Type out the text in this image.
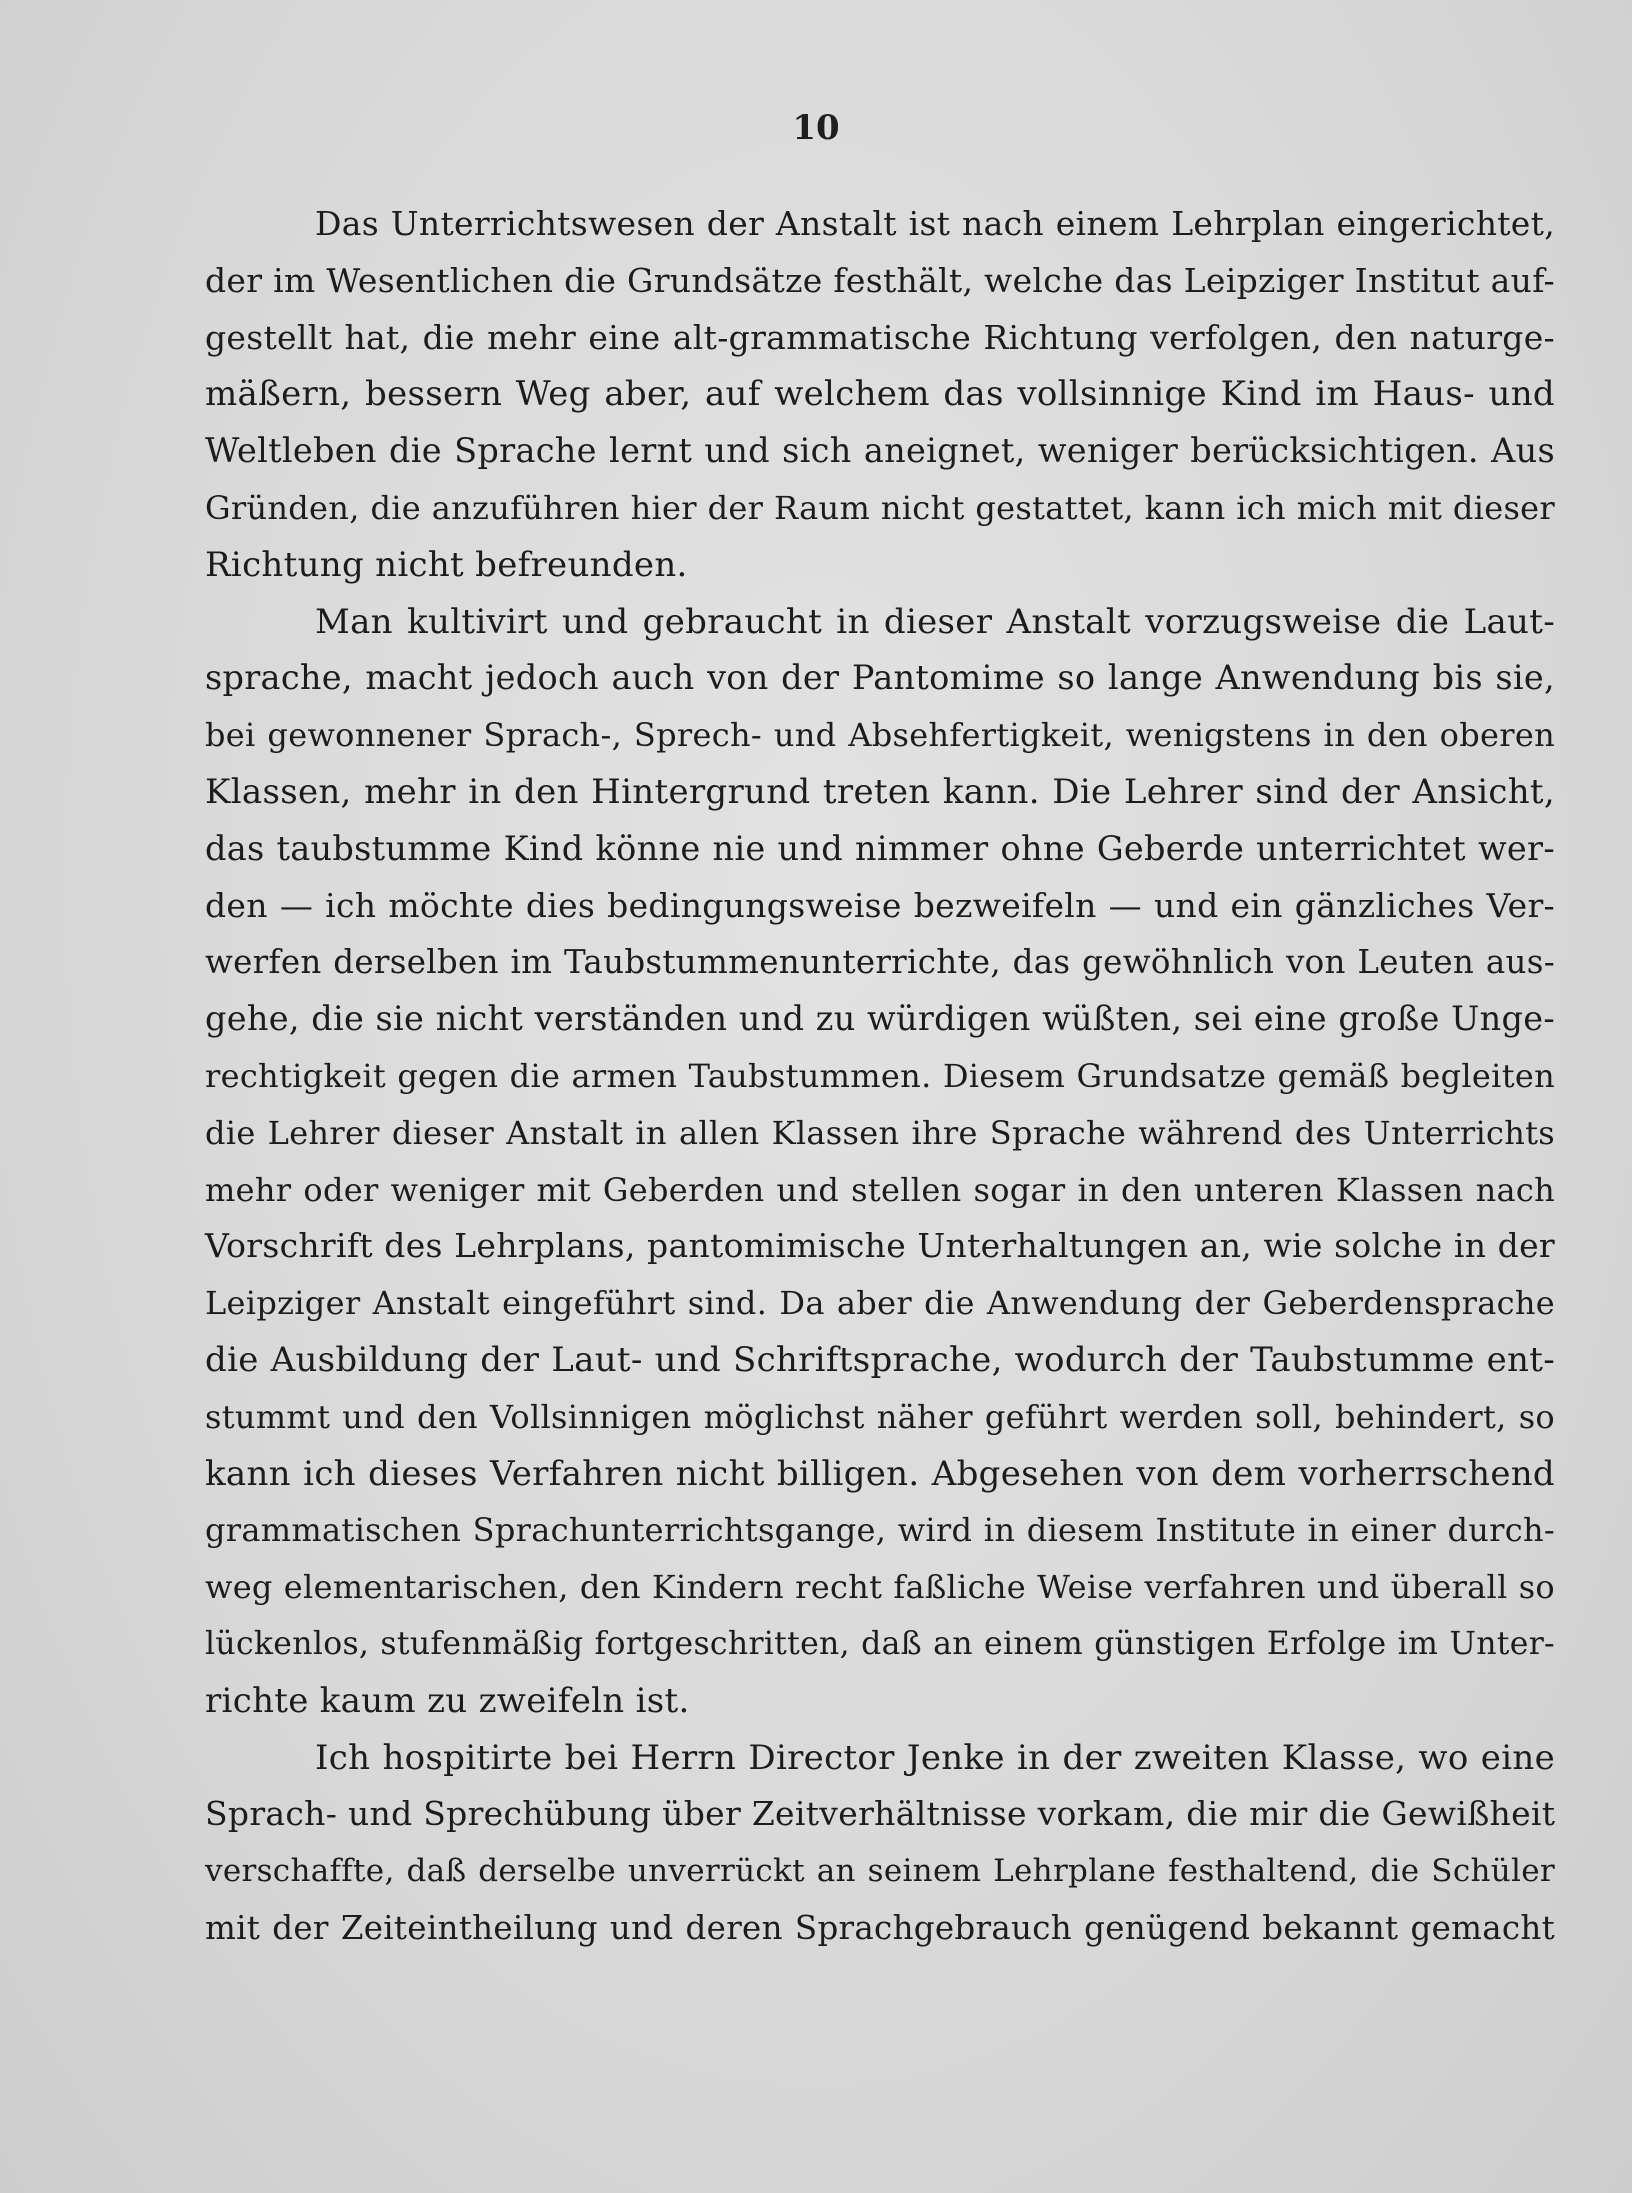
10
Das Unterrichtswesen der Anstalt ist nach einem Lehrplan eingerichtet,
der im Wesentlichen die Grundsätze festhält, welche das Leipziger Institut auf-
gestellt hat, die mehr eine alt-grammatische Richtung verfolgen, den naturge-
mäßern, bessern Weg aber, auf welchem das vollsinnige Kind im Haus- und
Weltleben die Sprache lernt und sich aneignet, weniger berücksichtigen. Aus
Gründen, die anzuführen hier der Raum nicht gestattet, kann ich mich mit dieser
Richtung nicht befreunden.
Man kultivirt und gebraucht in dieser Anstalt vorzugsweise die Laut-
sprache, macht jedoch auch von der Pantomime so lange Anwendung bis sie,
bei gewonnener Sprach-, Sprech- und Absehfertigkeit, wenigstens in den oberen
Klassen, mehr in den Hintergrund treten kann. Die Lehrer sind der Ansicht,
das taubstumme Kind könne nie und nimmer ohne Geberde unterrichtet wer-
den — ich möchte dies bedingungsweise bezweifeln — und ein gänzliches Ver-
werfen derselben im Taubstummenunterrichte, das gewöhnlich von Leuten aus-
gehe, die sie nicht verständen und zu würdigen wüßten, sei eine große Unge-
rechtigkeit gegen die armen Taubstummen. Diesem Grundsatze gemäß begleiten
die Lehrer dieser Anstalt in allen Klassen ihre Sprache während des Unterrichts
mehr oder weniger mit Geberden und stellen sogar in den unteren Klassen nach
Vorschrift des Lehrplans, pantomimische Unterhaltungen an, wie solche in der
Leipziger Anstalt eingeführt sind. Da aber die Anwendung der Geberdensprache
die Ausbildung der Laut- und Schriftsprache, wodurch der Taubstumme ent-
stummt und den Vollsinnigen möglichst näher geführt werden soll, behindert, so
kann ich dieses Verfahren nicht billigen. Abgesehen von dem vorherrschend
grammatischen Sprachunterrichtsgange, wird in diesem Institute in einer durch-
weg elementarischen, den Kindern recht faßliche Weise verfahren und überall so
lückenlos, stufenmäßig fortgeschritten, daß an einem günstigen Erfolge im Unter-
richte kaum zu zweifeln ist.
Ich hospitirte bei Herrn Director Jenke in der zweiten Klasse, wo eine
Sprach- und Sprechübung über Zeitverhältnisse vorkam, die mir die Gewißheit
verschaffte, daß derselbe unverrückt an seinem Lehrplane festhaltend, die Schüler
mit der Zeiteintheilung und deren Sprachgebrauch genügend bekannt gemacht
